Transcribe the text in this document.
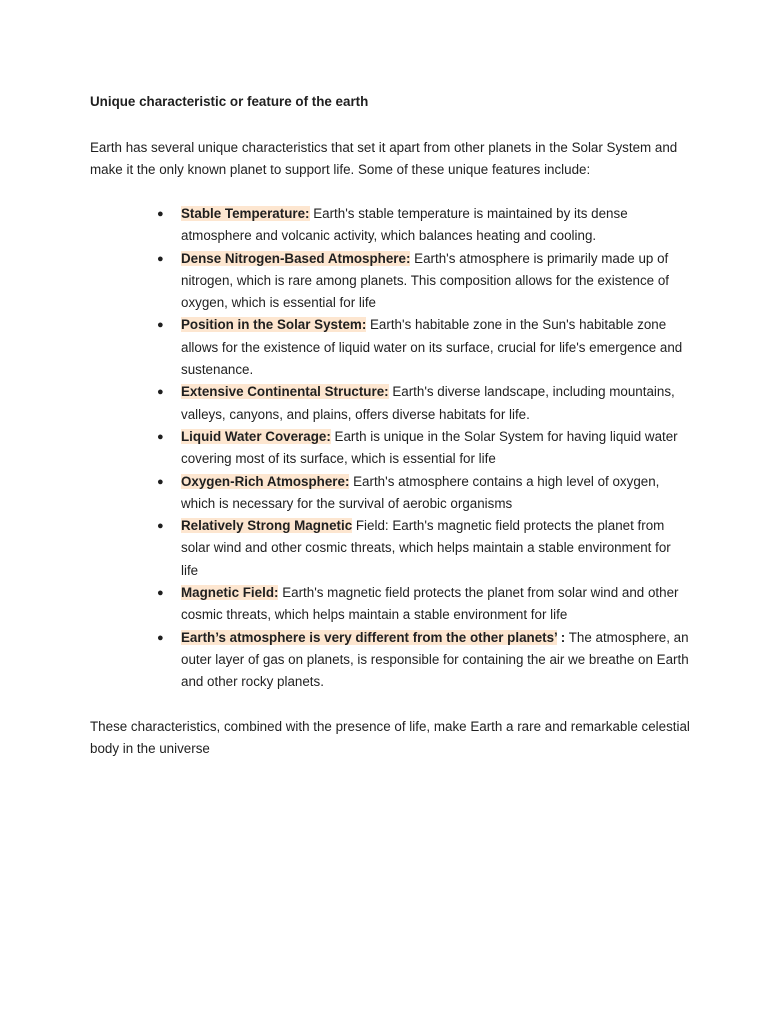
Unique characteristic or feature of the earth

Earth has several unique characteristics that set it apart from other planets in the Solar System and make it the only known planet to support life. Some of these unique features include:

● Stable Temperature: Earth's stable temperature is maintained by its dense atmosphere and volcanic activity, which balances heating and cooling.
● Dense Nitrogen-Based Atmosphere: Earth's atmosphere is primarily made up of nitrogen, which is rare among planets. This composition allows for the existence of oxygen, which is essential for life
● Position in the Solar System: Earth's habitable zone in the Sun's habitable zone allows for the existence of liquid water on its surface, crucial for life's emergence and sustenance.
● Extensive Continental Structure: Earth's diverse landscape, including mountains, valleys, canyons, and plains, offers diverse habitats for life.
● Liquid Water Coverage: Earth is unique in the Solar System for having liquid water covering most of its surface, which is essential for life
● Oxygen-Rich Atmosphere: Earth's atmosphere contains a high level of oxygen, which is necessary for the survival of aerobic organisms
● Relatively Strong Magnetic Field: Earth's magnetic field protects the planet from solar wind and other cosmic threats, which helps maintain a stable environment for life
● Magnetic Field: Earth's magnetic field protects the planet from solar wind and other cosmic threats, which helps maintain a stable environment for life
● Earth’s atmosphere is very different from the other planets’ : The atmosphere, an outer layer of gas on planets, is responsible for containing the air we breathe on Earth and other rocky planets.

These characteristics, combined with the presence of life, make Earth a rare and remarkable celestial body in the universe
